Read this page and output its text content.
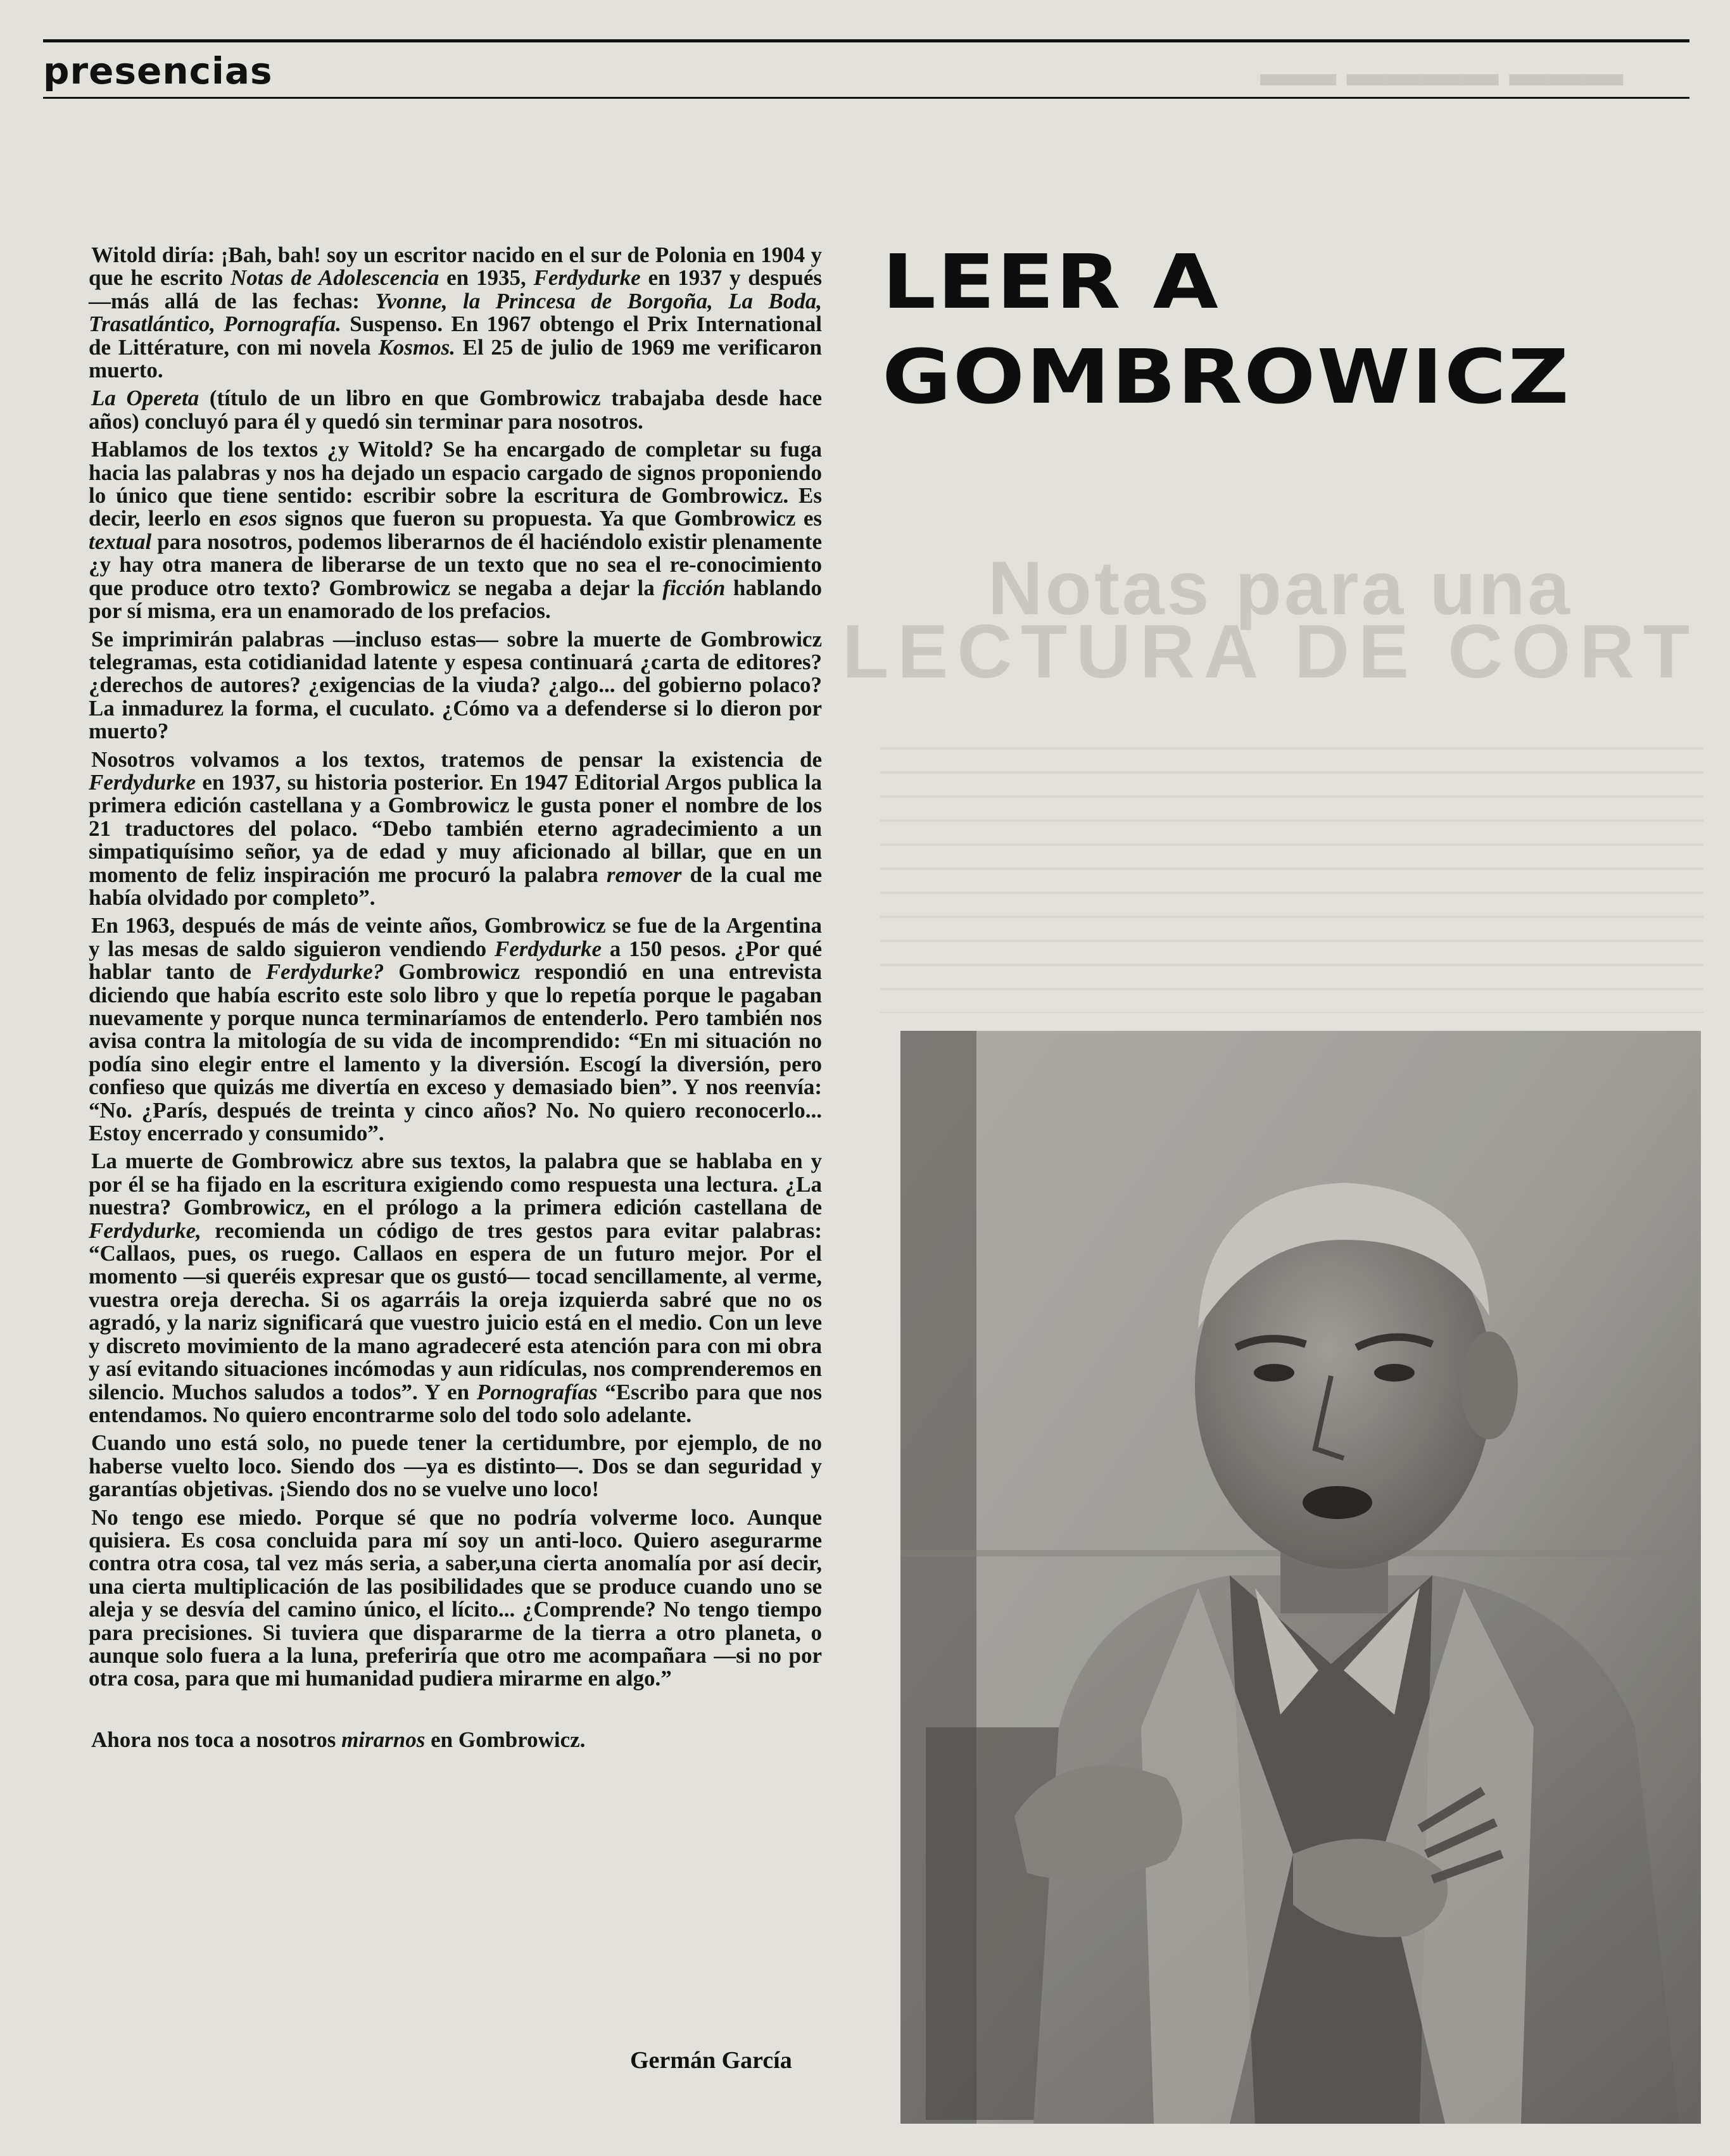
▬▬ ▬▬▬▬ ▬▬▬
Notas para una
LECTURA DE CORT
presencias
LEER A
GOMBROWICZ

Witold diría: ¡Bah, bah! soy un escritor nacido en el sur de Polonia en 1904 y que he escrito Notas de Adolescencia en 1935, Ferdydurke en 1937 y después —más allá de las fechas: Yvonne, la Princesa de Borgoña, La Boda, Trasatlántico, Pornografía. Suspenso. En 1967 obtengo el Prix International de Littérature, con mi novela Kosmos. El 25 de julio de 1969 me verificaron muerto.

La Opereta (título de un libro en que Gombrowicz trabajaba desde hace años) concluyó para él y quedó sin terminar para nosotros.

Hablamos de los textos ¿y Witold? Se ha encargado de completar su fuga hacia las palabras y nos ha dejado un espacio cargado de signos proponiendo lo único que tiene sentido: escribir sobre la escritura de Gombrowicz. Es decir, leerlo en esos signos que fueron su propuesta. Ya que Gombrowicz es textual para nosotros, podemos liberarnos de él haciéndolo existir plenamente ¿y hay otra manera de liberarse de un texto que no sea el re-conocimiento que produce otro texto? Gombrowicz se negaba a dejar la ficción hablando por sí misma, era un enamorado de los prefacios.

Se imprimirán palabras —incluso estas— sobre la muerte de Gombrowicz telegramas, esta cotidianidad latente y espesa continuará ¿carta de editores? ¿derechos de autores? ¿exigencias de la viuda? ¿algo... del gobierno polaco? La inmadurez la forma, el cuculato. ¿Cómo va a defenderse si lo dieron por muerto?

Nosotros volvamos a los textos, tratemos de pensar la existencia de Ferdydurke en 1937, su historia posterior. En 1947 Editorial Argos publica la primera edición castellana y a Gombrowicz le gusta poner el nombre de los 21 traductores del polaco. “Debo también eterno agradecimiento a un simpatiquísimo señor, ya de edad y muy aficionado al billar, que en un momento de feliz inspiración me procuró la palabra remover de la cual me había olvidado por completo”.

En 1963, después de más de veinte años, Gombrowicz se fue de la Argentina y las mesas de saldo siguieron vendiendo Ferdydurke a 150 pesos. ¿Por qué hablar tanto de Ferdydurke? Gombrowicz respondió en una entrevista diciendo que había escrito este solo libro y que lo repetía porque le pagaban nuevamente y porque nunca terminaríamos de entenderlo. Pero también nos avisa contra la mitología de su vida de incomprendido: “En mi situación no podía sino elegir entre el lamento y la diversión. Escogí la diversión, pero confieso que quizás me divertía en exceso y demasiado bien”. Y nos reenvía: “No. ¿París, después de treinta y cinco años? No. No quiero reconocerlo... Estoy encerrado y consumido”.

La muerte de Gombrowicz abre sus textos, la palabra que se hablaba en y por él se ha fijado en la escritura exigiendo como respuesta una lectura. ¿La nuestra? Gombrowicz, en el prólogo a la primera edición castellana de Ferdydurke, recomienda un código de tres gestos para evitar palabras: “Callaos, pues, os ruego. Callaos en espera de un futuro mejor. Por el momento —si queréis expresar que os gustó— tocad sencillamente, al verme, vuestra oreja derecha. Si os agarráis la oreja izquierda sabré que no os agradó, y la nariz significará que vuestro juicio está en el medio. Con un leve y discreto movimiento de la mano agradeceré esta atención para con mi obra y así evitando situaciones incómodas y aun ridículas, nos comprenderemos en silencio. Muchos saludos a todos”. Y en Pornografías “Escribo para que nos entendamos. No quiero encontrarme solo del todo solo adelante.

Cuando uno está solo, no puede tener la certidumbre, por ejemplo, de no haberse vuelto loco. Siendo dos —ya es distinto—. Dos se dan seguridad y garantías objetivas. ¡Siendo dos no se vuelve uno loco!

No tengo ese miedo. Porque sé que no podría volverme loco. Aunque quisiera. Es cosa concluida para mí soy un anti-loco. Quiero asegurarme contra otra cosa, tal vez más seria, a saber,una cierta anomalía por así decir, una cierta multiplicación de las posibilidades que se produce cuando uno se aleja y se desvía del camino único, el lícito... ¿Comprende? No tengo tiempo para precisiones. Si tuviera que dispararme de la tierra a otro planeta, o aunque solo fuera a la luna, preferiría que otro me acompañara —si no por otra cosa, para que mi humanidad pudiera mirarme en algo.”

Ahora nos toca a nosotros mirarnos en Gombrowicz.

Germán García
